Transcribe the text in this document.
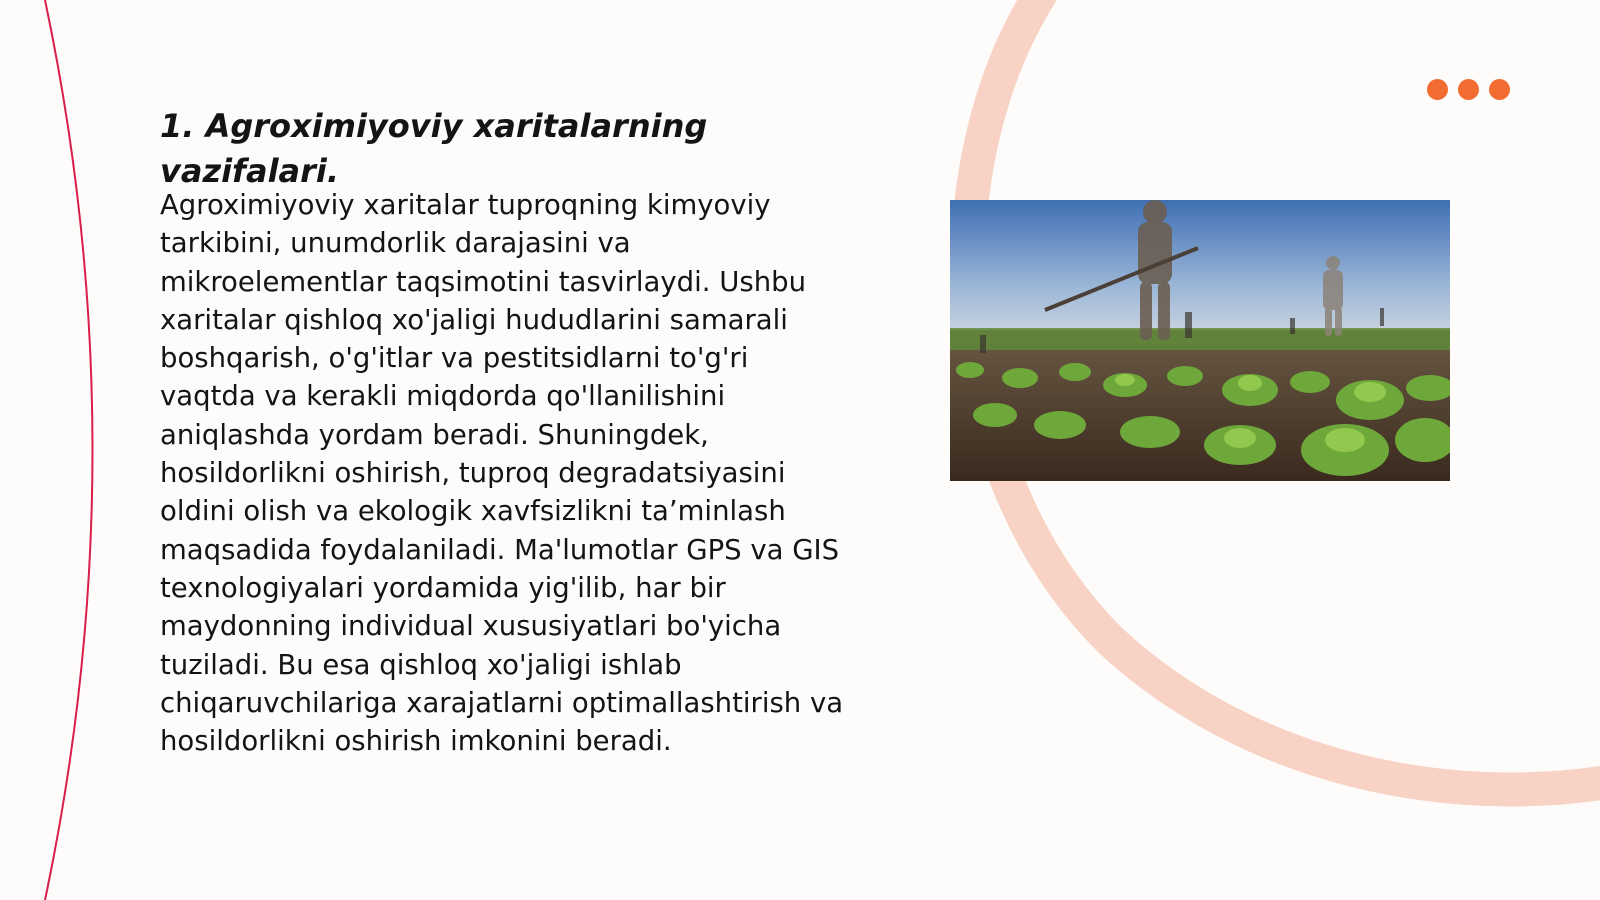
1. Agroximiyoviy xaritalarning vazifalari.

Agroximiyoviy xaritalar tuproqning kimyoviy tarkibini, unumdorlik darajasini va mikroelementlar taqsimotini tasvirlaydi. Ushbu xaritalar qishloq xo'jaligi hududlarini samarali boshqarish, o'g'itlar va pestitsidlarni to'g'ri vaqtda va kerakli miqdorda qo'llanilishini aniqlashda yordam beradi. Shuningdek, hosildorlikni oshirish, tuproq degradatsiyasini oldini olish va ekologik xavfsizlikni ta’minlash maqsadida foydalaniladi. Ma'lumotlar GPS va GIS texnologiyalari yordamida yig'ilib, har bir maydonning individual xususiyatlari bo'yicha tuziladi. Bu esa qishloq xo'jaligi ishlab chiqaruvchilariga xarajatlarni optimallashtirish va hosildorlikni oshirish imkonini beradi.
